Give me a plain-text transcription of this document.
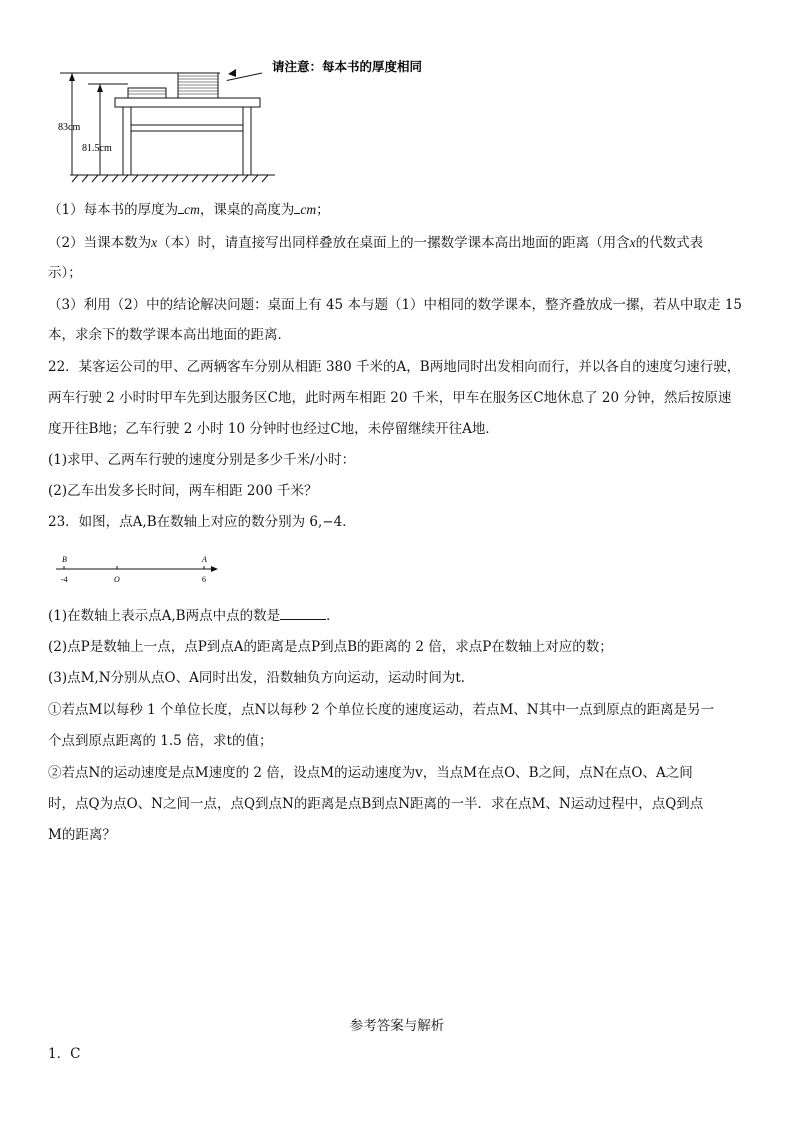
83cm
81.5cm
请注意：每本书的厚度相同
（1）每本书的厚度为 cm，课桌的高度为 cm；
（2）当课本数为x（本）时，请直接写出同样叠放在桌面上的一摞数学课本高出地面的距离（用含x的代数式表
示）；
（3）利用（2）中的结论解决问题：桌面上有 45 本与题（1）中相同的数学课本，整齐叠放成一摞，若从中取走 15
本，求余下的数学课本高出地面的距离．
22．某客运公司的甲、乙两辆客车分别从相距 380 千米的A，B两地同时出发相向而行，并以各自的速度匀速行驶，
两车行驶 2 小时时甲车先到达服务区C地，此时两车相距 20 千米，甲车在服务区C地休息了 20 分钟，然后按原速
度开往B地；乙车行驶 2 小时 10 分钟时也经过C地，未停留继续开往A地．
(1)求甲、乙两车行驶的速度分别是多少千米/小时：
(2)乙车出发多长时间，两车相距 200 千米？
23．如图，点A,B在数轴上对应的数分别为 6,−4．
B	A
-4	O	6
(1)在数轴上表示点A,B两点中点的数是	．
(2)点P是数轴上一点，点P到点A的距离是点P到点B的距离的 2 倍，求点P在数轴上对应的数；
(3)点M,N分别从点O、A同时出发，沿数轴负方向运动，运动时间为t．
①若点M以每秒 1 个单位长度，点N以每秒 2 个单位长度的速度运动，若点M、N其中一点到原点的距离是另一
个点到原点距离的 1.5 倍，求t的值；
②若点N的运动速度是点M速度的 2 倍，设点M的运动速度为v，当点M在点O、B之间，点N在点O、A之间
时，点Q为点O、N之间一点，点Q到点N的距离是点B到点N距离的一半．求在点M、N运动过程中，点Q到点
M的距离？
参考答案与解析
1．C
